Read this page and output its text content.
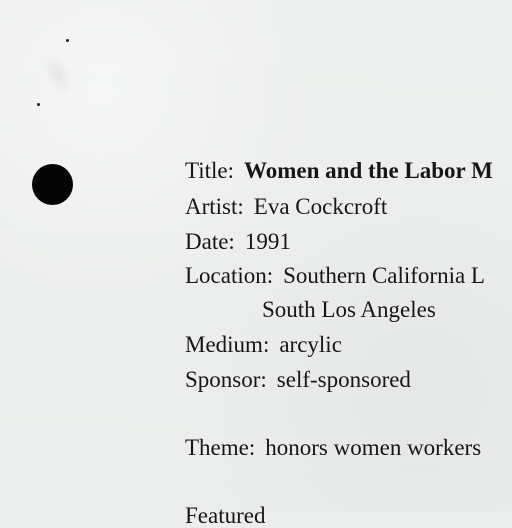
Title: Women and the Labor M
Artist: Eva Cockcroft
Date: 1991
Location: Southern California L
South Los Angeles
Medium: arcylic
Sponsor: self-sponsored
Theme: honors women workers
Featured
